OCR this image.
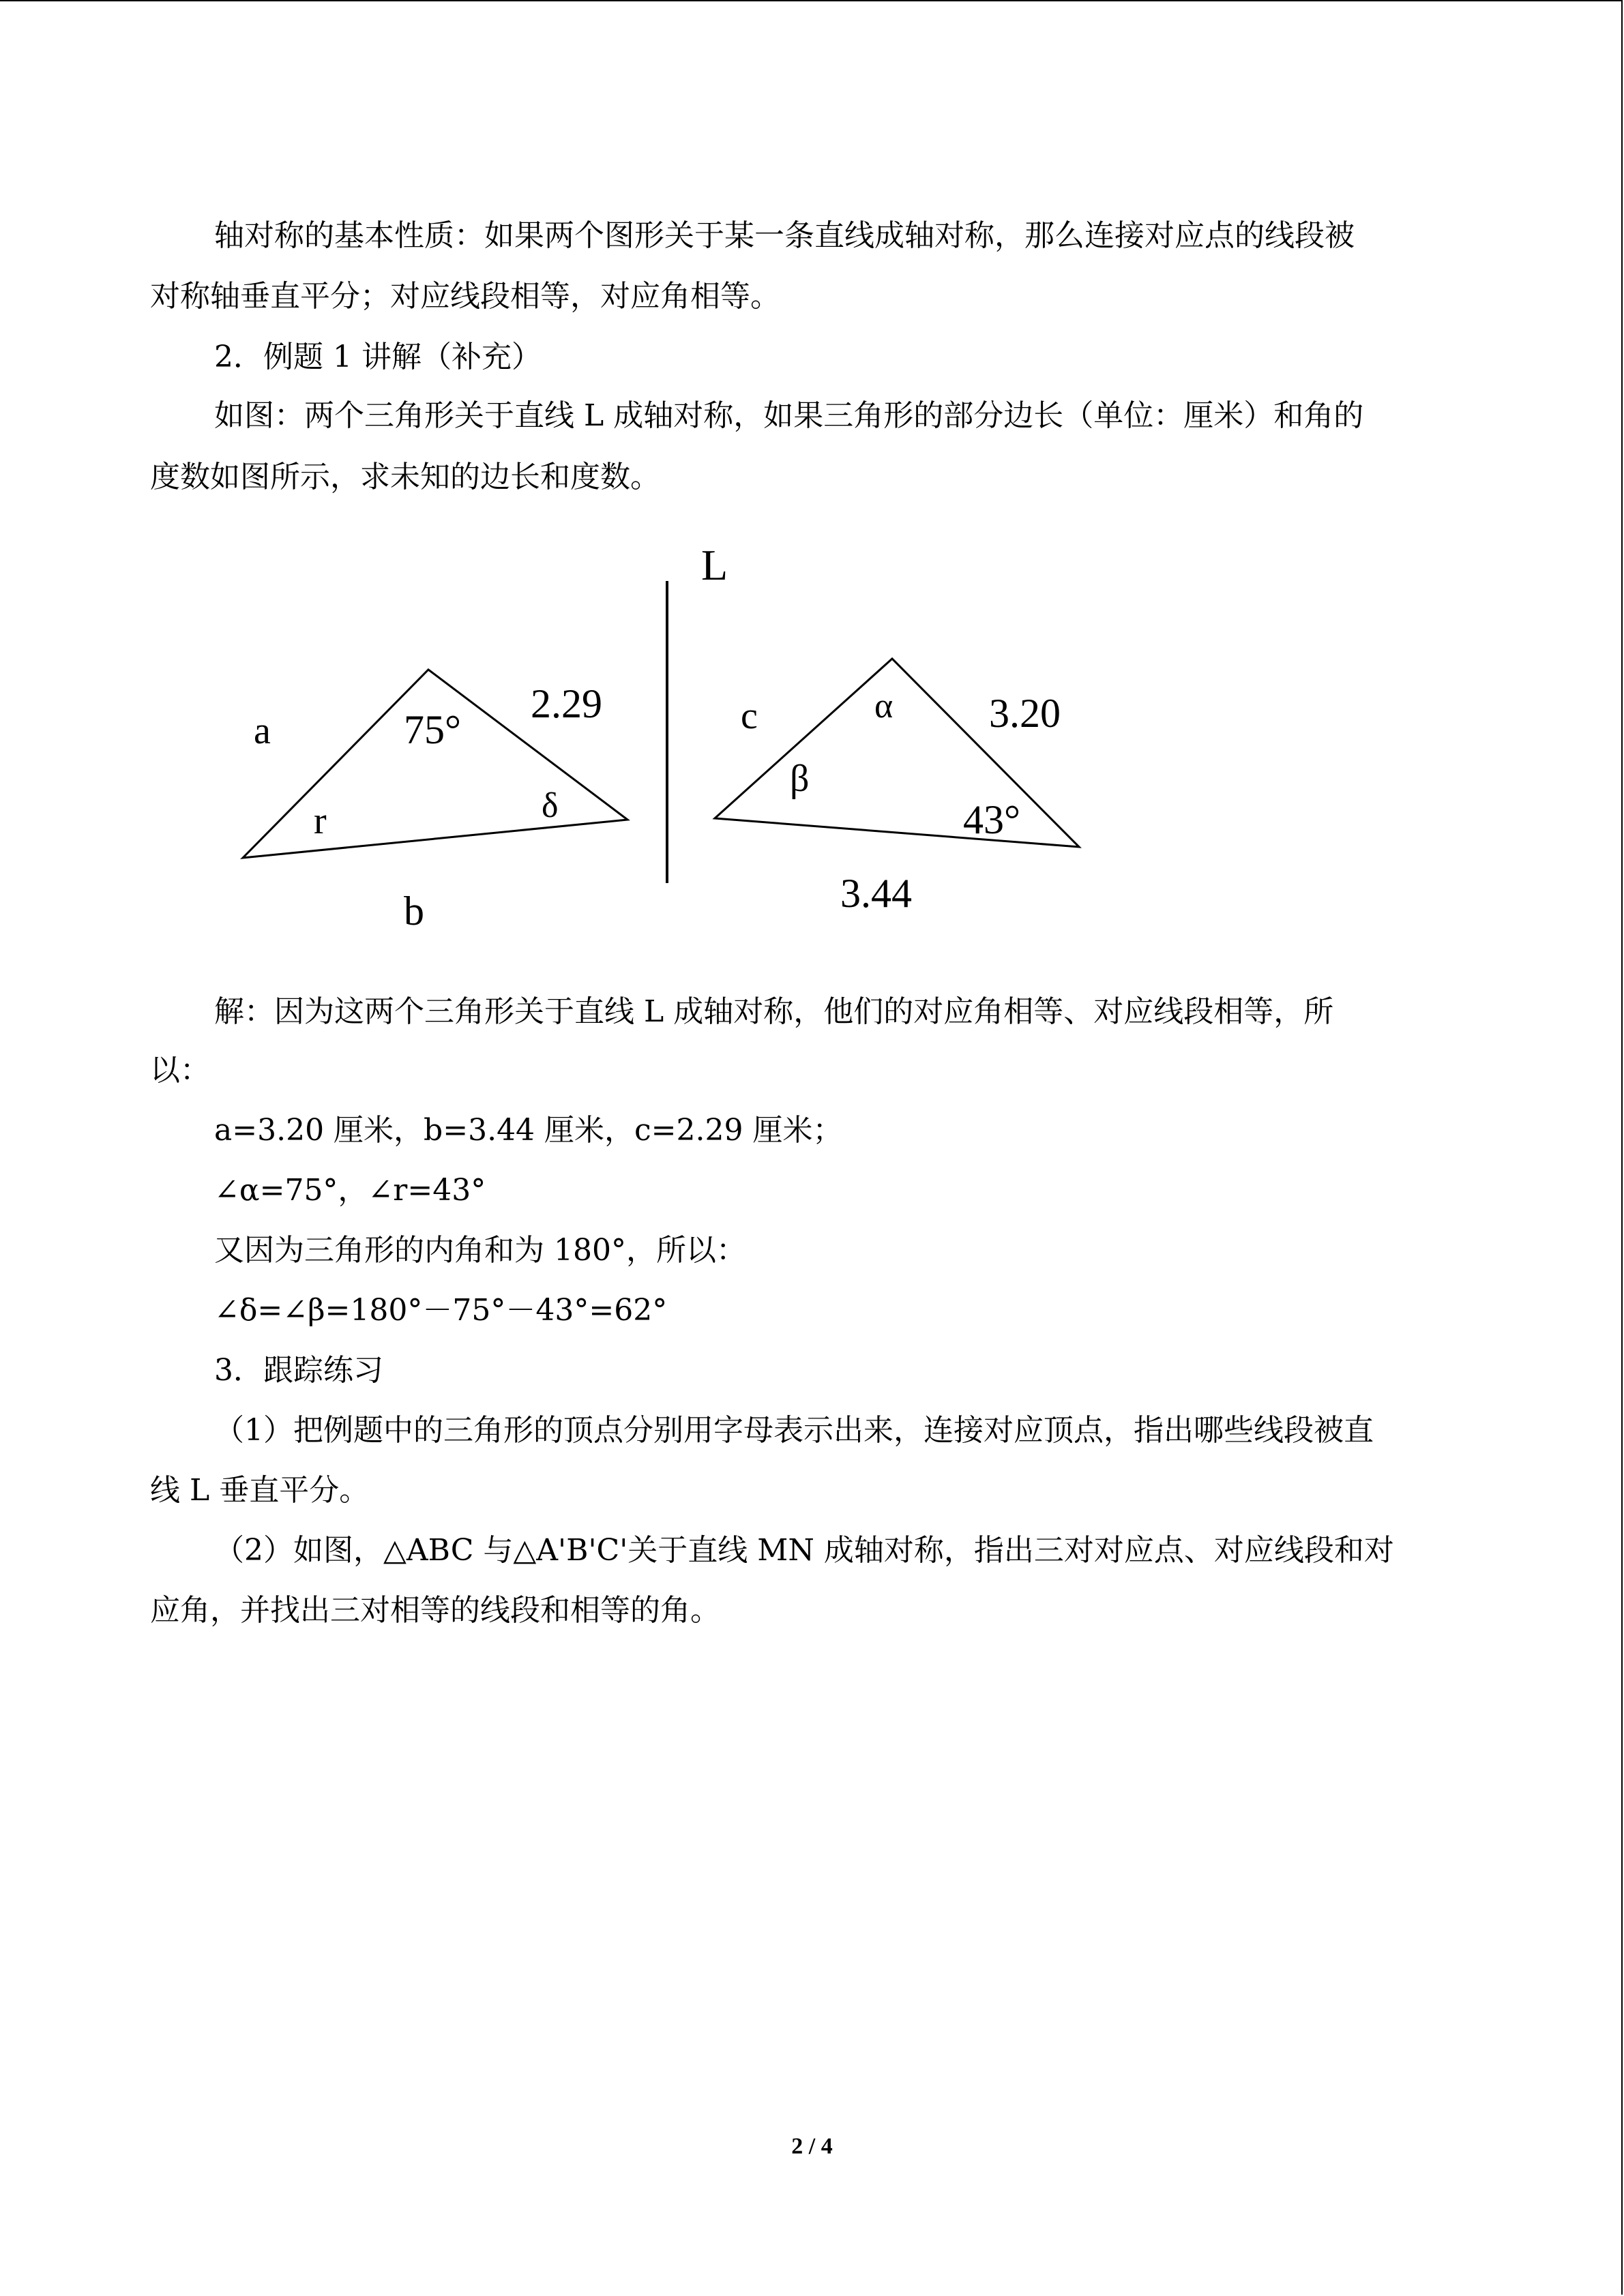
轴对称的基本性质：如果两个图形关于某一条直线成轴对称，那么连接对应点的线段被
对称轴垂直平分；对应线段相等，对应角相等。
2．例题 1 讲解（补充）
如图：两个三角形关于直线 L 成轴对称，如果三角形的部分边长（单位：厘米）和角的
度数如图所示，求未知的边长和度数。
L
a
2.29
b
75°
r	δ
c	3.20
3.44
α
β
43°
解：因为这两个三角形关于直线 L 成轴对称，他们的对应角相等、对应线段相等，所
以：
a=3.20 厘米，b=3.44 厘米，c=2.29 厘米；
∠α=75°，∠r=43°
又因为三角形的内角和为 180°，所以：
∠δ=∠β=180°－75°－43°=62°
3．跟踪练习
（1）把例题中的三角形的顶点分别用字母表示出来，连接对应顶点，指出哪些线段被直
线 L 垂直平分。
（2）如图，△ABC 与△A'B'C'关于直线 MN 成轴对称，指出三对对应点、对应线段和对
应角，并找出三对相等的线段和相等的角。
2 / 4
